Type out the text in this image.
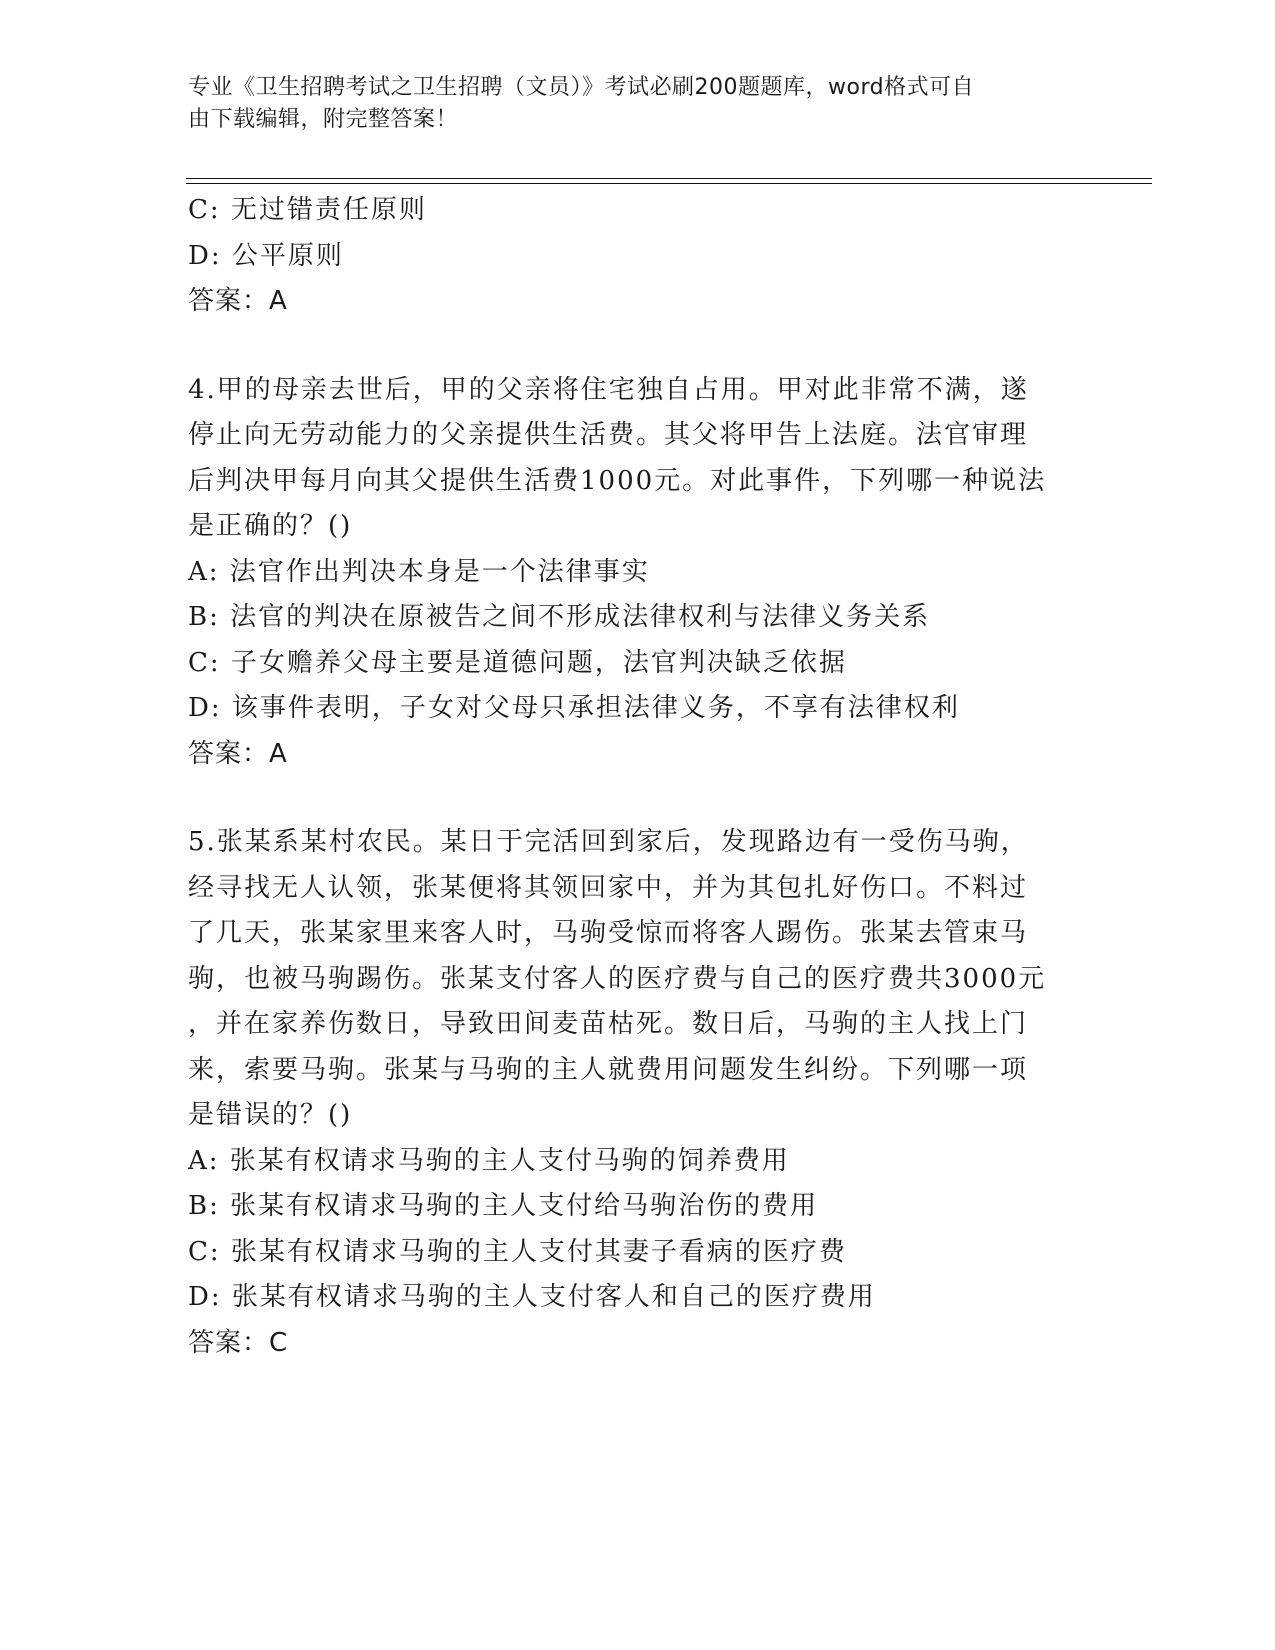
专业《卫生招聘考试之卫生招聘（文员）》考试必刷200题题库，word格式可自
由下载编辑，附完整答案！
C: 无过错责任原则
D: 公平原则
答案：A
4.甲的母亲去世后，甲的父亲将住宅独自占用。甲对此非常不满，遂
停止向无劳动能力的父亲提供生活费。其父将甲告上法庭。法官审理
后判决甲每月向其父提供生活费1000元。对此事件，下列哪一种说法
是正确的？()
A: 法官作出判决本身是一个法律事实
B: 法官的判决在原被告之间不形成法律权利与法律义务关系
C: 子女赡养父母主要是道德问题，法官判决缺乏依据
D: 该事件表明，子女对父母只承担法律义务，不享有法律权利
答案：A
5.张某系某村农民。某日于完活回到家后，发现路边有一受伤马驹，
经寻找无人认领，张某便将其领回家中，并为其包扎好伤口。不料过
了几天，张某家里来客人时，马驹受惊而将客人踢伤。张某去管束马
驹，也被马驹踢伤。张某支付客人的医疗费与自己的医疗费共3000元
，并在家养伤数日，导致田间麦苗枯死。数日后，马驹的主人找上门
来，索要马驹。张某与马驹的主人就费用问题发生纠纷。下列哪一项
是错误的？()
A: 张某有权请求马驹的主人支付马驹的饲养费用
B: 张某有权请求马驹的主人支付给马驹治伤的费用
C: 张某有权请求马驹的主人支付其妻子看病的医疗费
D: 张某有权请求马驹的主人支付客人和自己的医疗费用
答案：C
